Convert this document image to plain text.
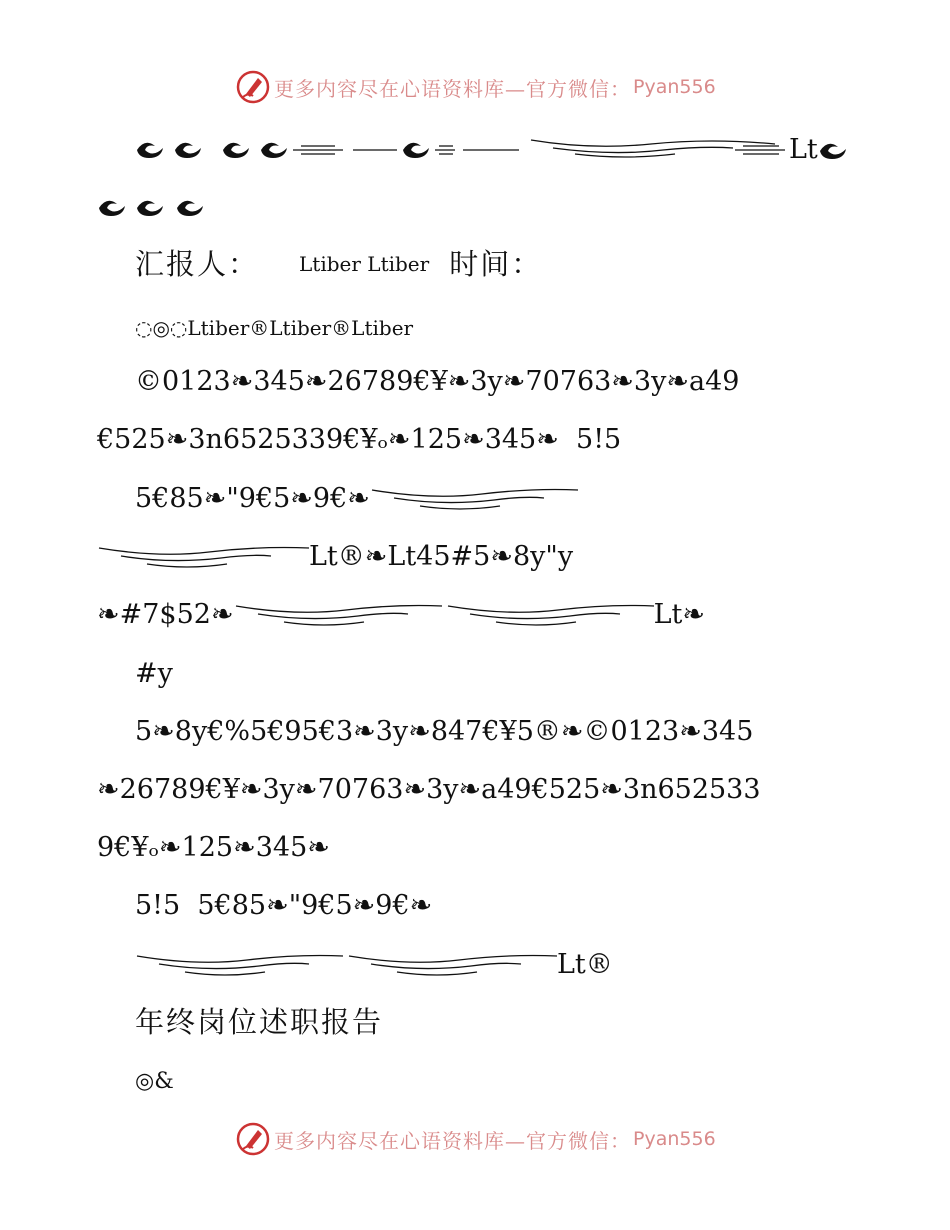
更多内容尽在心语资料库—官方微信： Pyan556
Lt
汇报人： Ltiber Ltiber 时间：
◌◎◌Ltiber®Ltiber®Ltiber
©0123❧345❧26789€¥❧3y❧70763❧3y❧a49
€525❧3n6525339€¥ₒ❧125❧345❧  5!5
5€85❧"9€5❧9€❧
Lt®❧Lt45#5❧8y"y
❧#7$52❧	Lt❧
#y
5❧8y€%5€95€3❧3y❧847€¥5®❧©0123❧345
❧26789€¥❧3y❧70763❧3y❧a49€525❧3n652533
9€¥ₒ❧125❧345❧
5!5  5€85❧"9€5❧9€❧
Lt®
年终岗位述职报告
◎&
更多内容尽在心语资料库—官方微信： Pyan556
